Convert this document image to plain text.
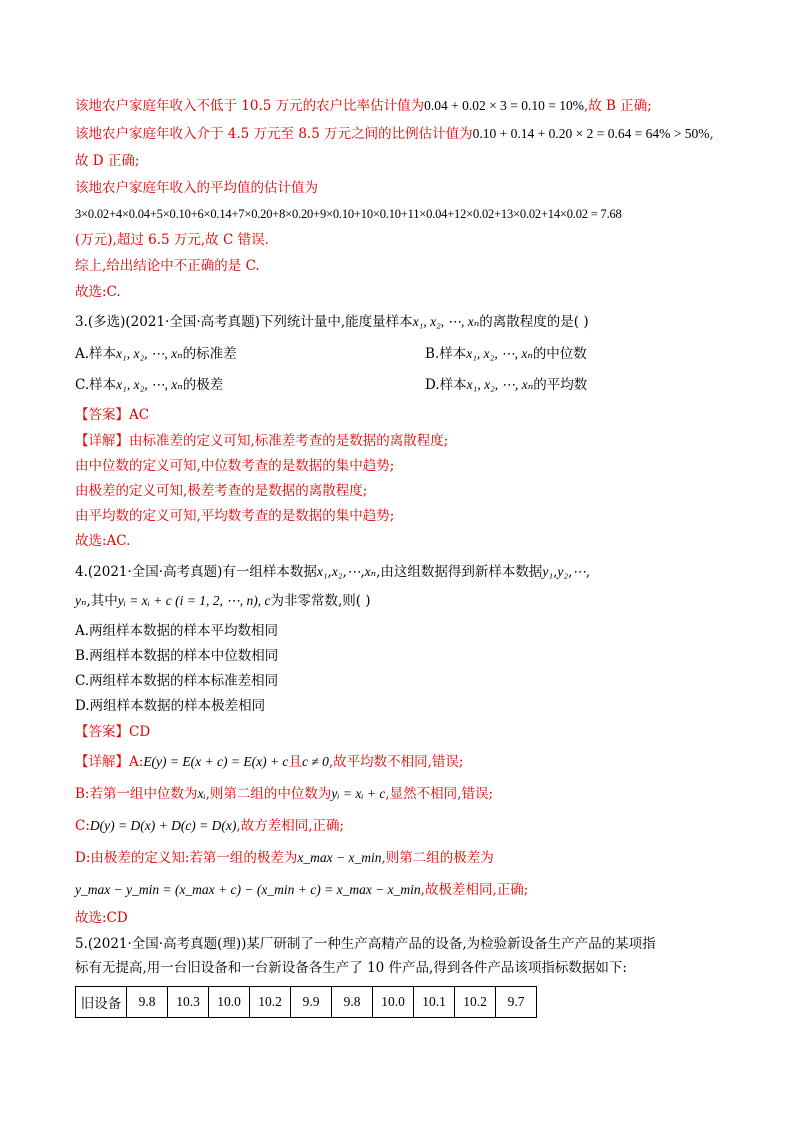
该地农户家庭年收入不低于 10.5 万元的农户比率估计值为0.04 + 0.02 × 3 = 0.10 = 10%,故 B 正确;
该地农户家庭年收入介于 4.5 万元至 8.5 万元之间的比例估计值为0.10 + 0.14 + 0.20 × 2 = 0.64 = 64% > 50%,
故 D 正确;
该地农户家庭年收入的平均值的估计值为
3×0.02+4×0.04+5×0.10+6×0.14+7×0.20+8×0.20+9×0.10+10×0.10+11×0.04+12×0.02+13×0.02+14×0.02 = 7.68
(万元),超过 6.5 万元,故 C 错误.
综上,给出结论中不正确的是 C.
故选:C.
3.(多选)(2021·全国·高考真题)下列统计量中,能度量样本x₁, x₂, ⋯, xₙ的离散程度的是( )
A.样本x₁, x₂, ⋯, xₙ的标准差	B.样本x₁, x₂, ⋯, xₙ的中位数
C.样本x₁, x₂, ⋯, xₙ的极差	D.样本x₁, x₂, ⋯, xₙ的平均数
【答案】AC
【详解】由标准差的定义可知,标准差考查的是数据的离散程度;
由中位数的定义可知,中位数考查的是数据的集中趋势;
由极差的定义可知,极差考查的是数据的离散程度;
由平均数的定义可知,平均数考查的是数据的集中趋势;
故选:AC.
4.(2021·全国·高考真题)有一组样本数据x₁,x₂,⋯,xₙ,由这组数据得到新样本数据y₁,y₂,⋯,
yₙ,其中yᵢ = xᵢ + c (i = 1, 2, ⋯, n), c为非零常数,则( )
A.两组样本数据的样本平均数相同
B.两组样本数据的样本中位数相同
C.两组样本数据的样本标准差相同
D.两组样本数据的样本极差相同
【答案】CD
【详解】A:E(y) = E(x + c) = E(x) + c且c ≠ 0,故平均数不相同,错误;
B:若第一组中位数为xᵢ,则第二组的中位数为yᵢ = xᵢ + c,显然不相同,错误;
C:D(y) = D(x) + D(c) = D(x),故方差相同,正确;
D:由极差的定义知:若第一组的极差为x_max − x_min,则第二组的极差为
y_max − y_min = (x_max + c) − (x_min + c) = x_max − x_min,故极差相同,正确;
故选:CD
5.(2021·全国·高考真题(理))某厂研制了一种生产高精产品的设备,为检验新设备生产产品的某项指
标有无提高,用一台旧设备和一台新设备各生产了 10 件产品,得到各件产品该项指标数据如下:
旧设备	9.8	10.3	10.0	10.2	9.9	9.8	10.0	10.1	10.2	9.7
